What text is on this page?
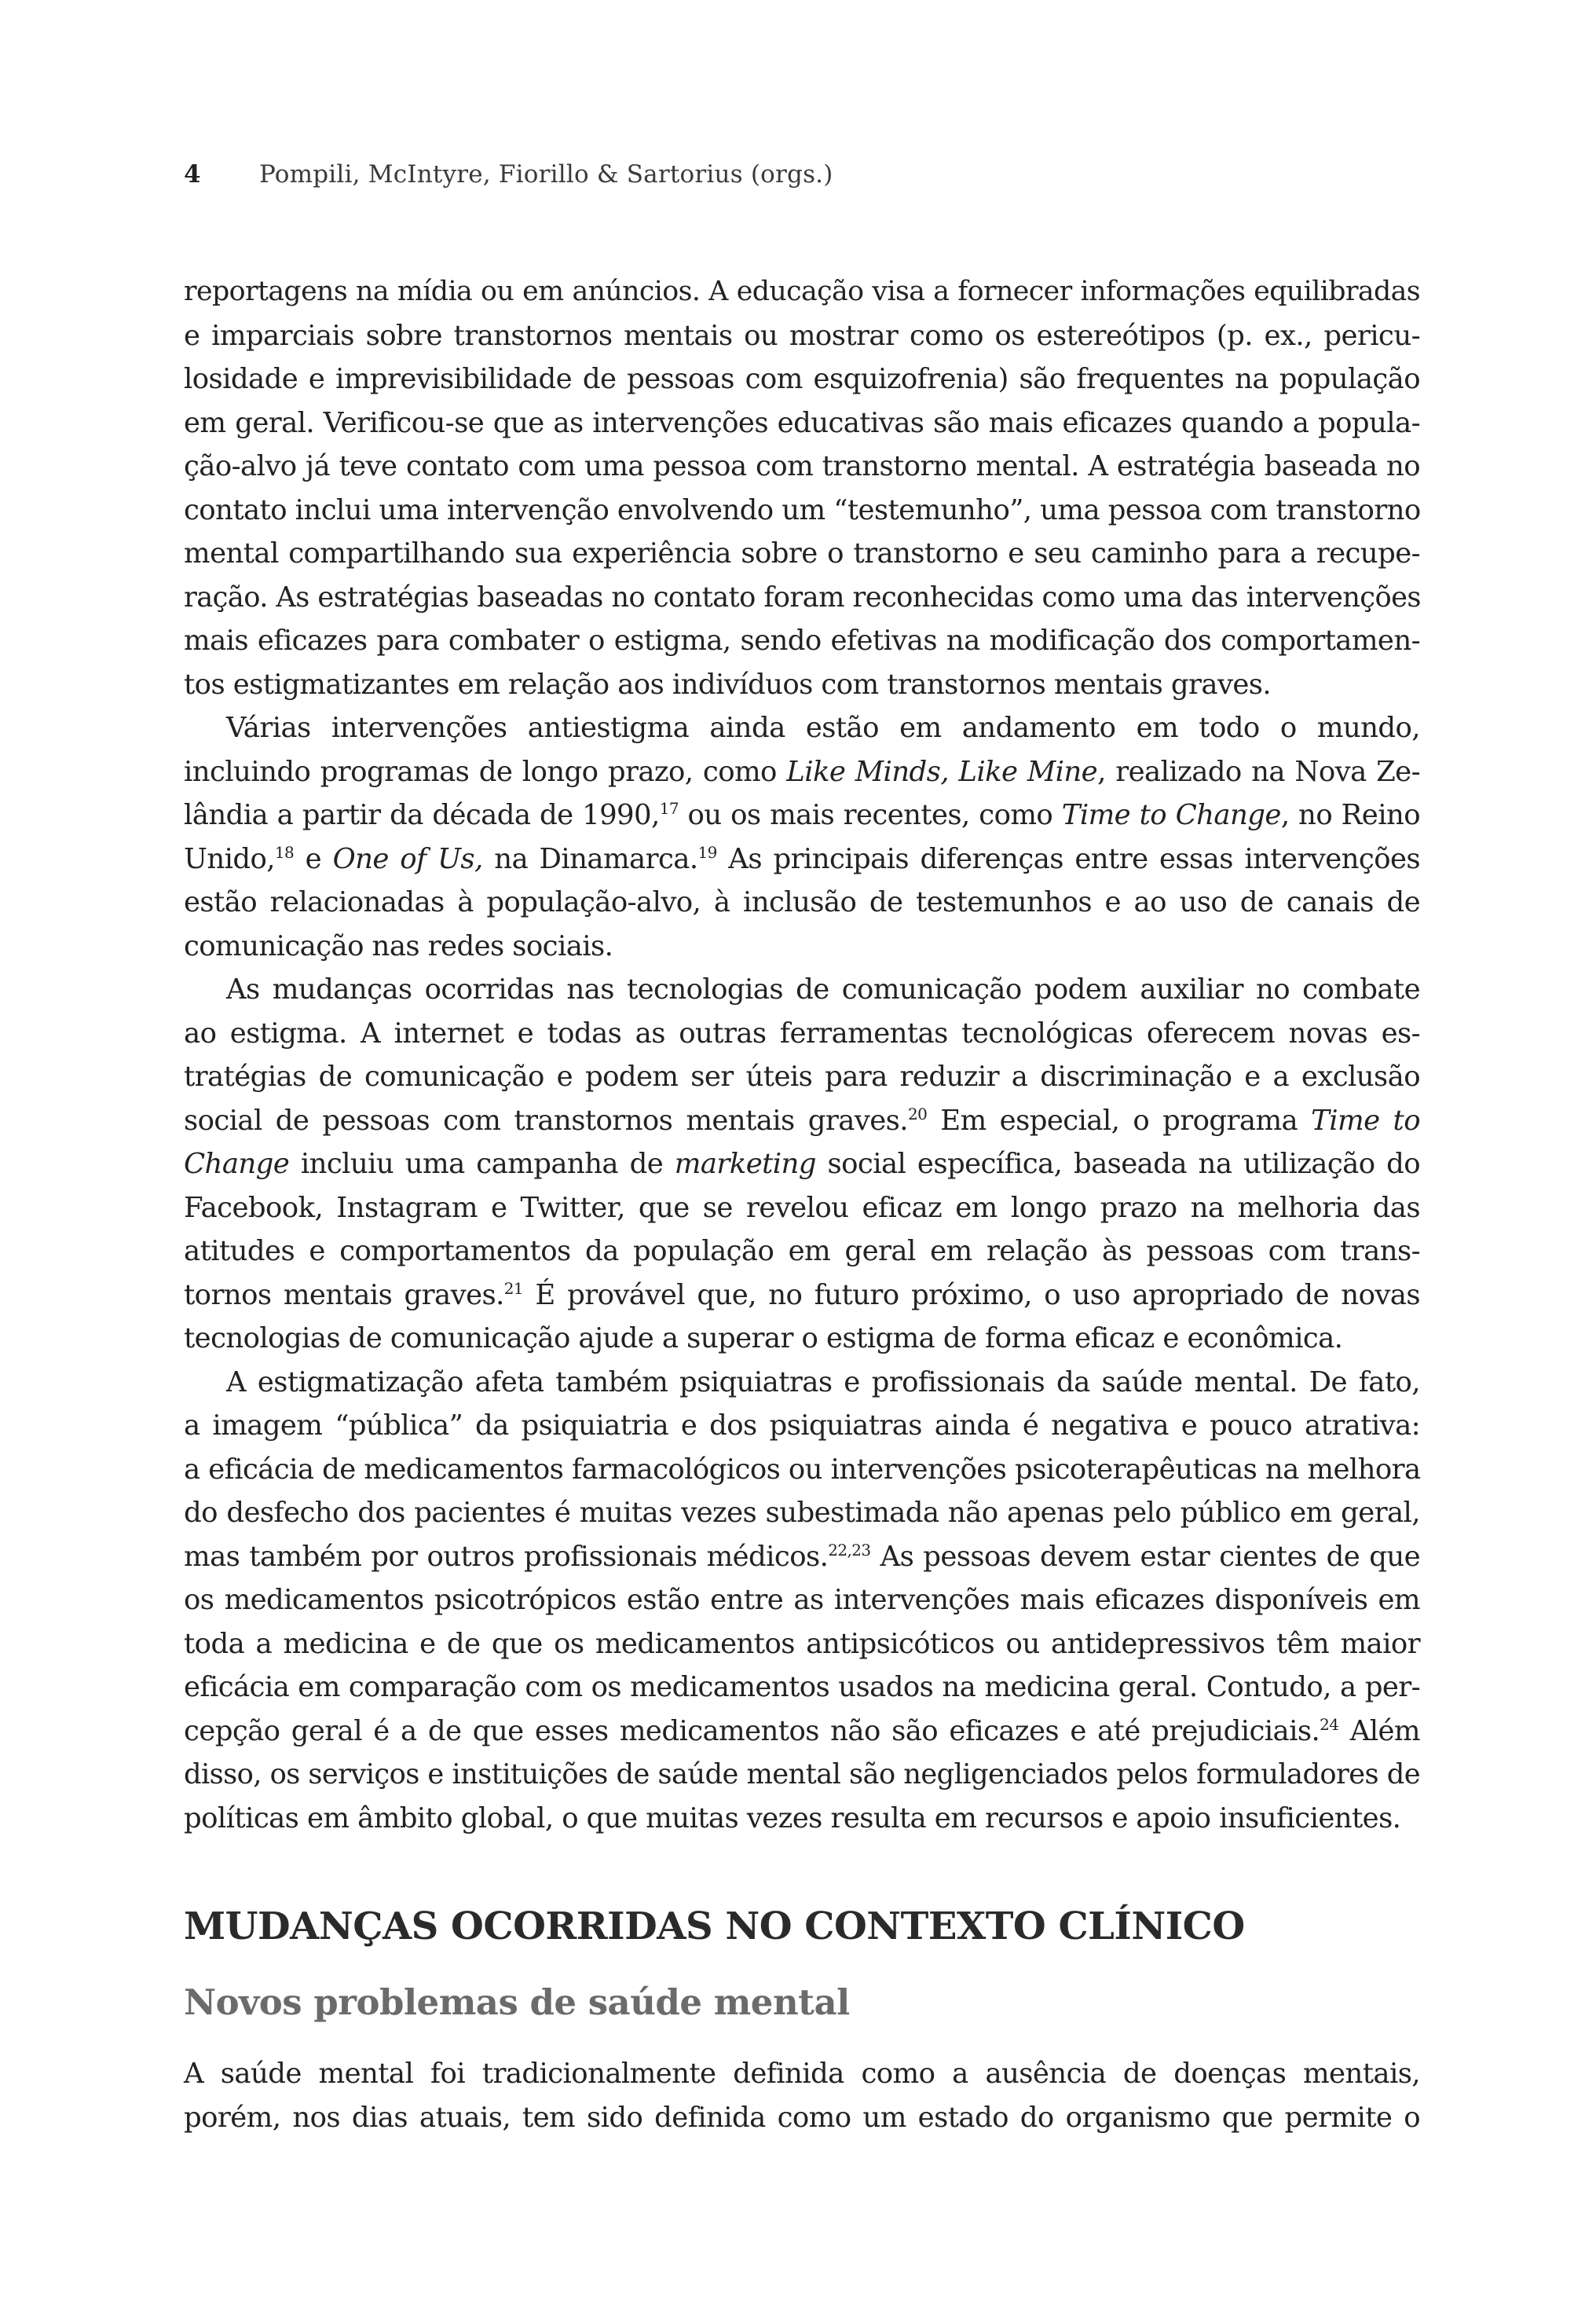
4 Pompili, McIntyre, Fiorillo & Sartorius (orgs.)
reportagens na mídia ou em anúncios. A educação visa a fornecer informações equilibradas
e imparciais sobre transtornos mentais ou mostrar como os estereótipos (p. ex., pericu-
losidade e imprevisibilidade de pessoas com esquizofrenia) são frequentes na população
em geral. Verificou-se que as intervenções educativas são mais eficazes quando a popula-
ção-alvo já teve contato com uma pessoa com transtorno mental. A estratégia baseada no
contato inclui uma intervenção envolvendo um “testemunho”, uma pessoa com transtorno
mental compartilhando sua experiência sobre o transtorno e seu caminho para a recupe-
ração. As estratégias baseadas no contato foram reconhecidas como uma das intervenções
mais eficazes para combater o estigma, sendo efetivas na modificação dos comportamen-
tos estigmatizantes em relação aos indivíduos com transtornos mentais graves.
Várias intervenções antiestigma ainda estão em andamento em todo o mundo,
incluindo programas de longo prazo, como Like Minds, Like Mine, realizado na Nova Ze-
lândia a partir da década de 1990,17 ou os mais recentes, como Time to Change, no Reino
Unido,$^{18}$ e One of Us, na Dinamarca.$^{19}$ As principais diferenças entre essas intervenções
estão relacionadas à população-alvo, à inclusão de testemunhos e ao uso de canais de
comunicação nas redes sociais.
As mudanças ocorridas nas tecnologias de comunicação podem auxiliar no combate
ao estigma. A internet e todas as outras ferramentas tecnológicas oferecem novas es-
tratégias de comunicação e podem ser úteis para reduzir a discriminação e a exclusão
social de pessoas com transtornos mentais graves.$^{20}$ Em especial, o programa Time to
Change incluiu uma campanha de marketing social específica, baseada na utilização do
Facebook, Instagram e Twitter, que se revelou eficaz em longo prazo na melhoria das
atitudes e comportamentos da população em geral em relação às pessoas com trans-
tornos mentais graves.$^{21}$ É provável que, no futuro próximo, o uso apropriado de novas
tecnologias de comunicação ajude a superar o estigma de forma eficaz e econômica.
A estigmatização afeta também psiquiatras e profissionais da saúde mental. De fato,
a imagem “pública” da psiquiatria e dos psiquiatras ainda é negativa e pouco atrativa:
a eficácia de medicamentos farmacológicos ou intervenções psicoterapêuticas na melhora
do desfecho dos pacientes é muitas vezes subestimada não apenas pelo público em geral,
mas também por outros profissionais médicos.$^{22,23}$ As pessoas devem estar cientes de que
os medicamentos psicotrópicos estão entre as intervenções mais eficazes disponíveis em
toda a medicina e de que os medicamentos antipsicóticos ou antidepressivos têm maior
eficácia em comparação com os medicamentos usados na medicina geral. Contudo, a per-
cepção geral é a de que esses medicamentos não são eficazes e até prejudiciais.$^{24}$ Além
disso, os serviços e instituições de saúde mental são negligenciados pelos formuladores de
políticas em âmbito global, o que muitas vezes resulta em recursos e apoio insuficientes.
MUDANÇAS OCORRIDAS NO CONTEXTO CLÍNICO
Novos problemas de saúde mental
A saúde mental foi tradicionalmente definida como a ausência de doenças mentais,
porém, nos dias atuais, tem sido definida como um estado do organismo que permite o
